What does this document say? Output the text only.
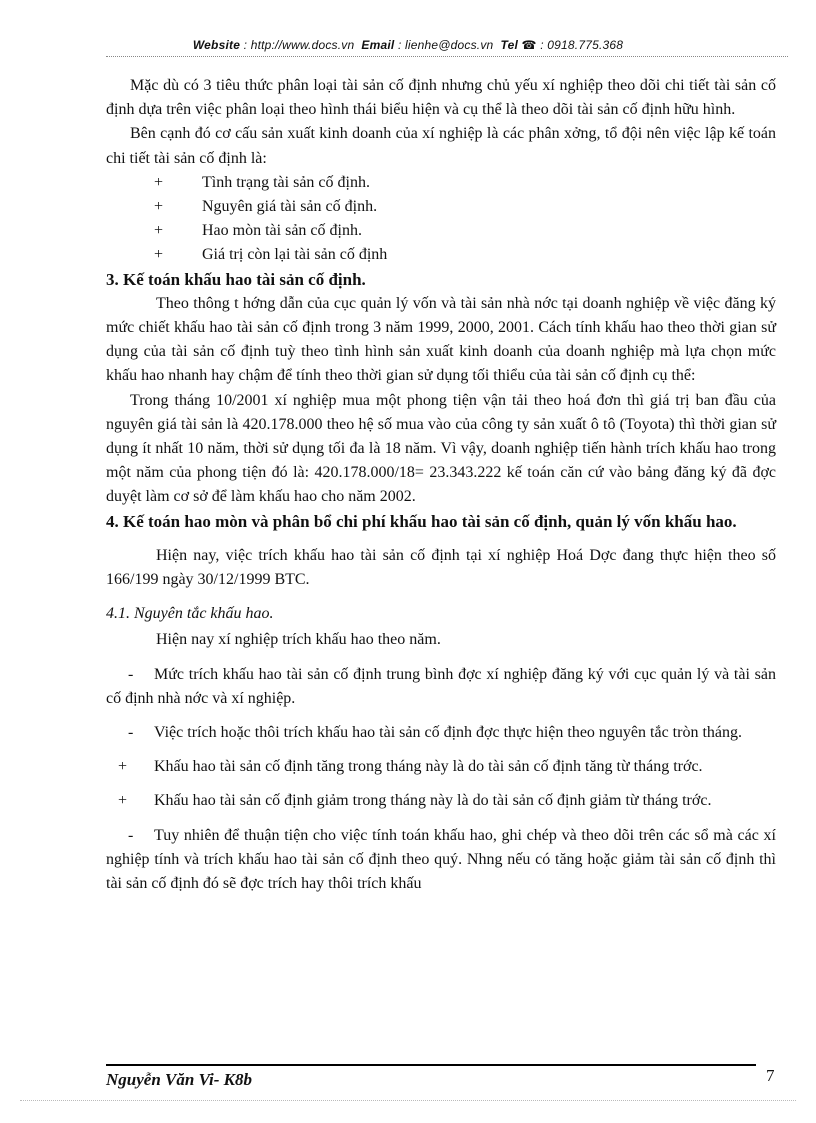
Website : http://www.docs.vn Email : lienhe@docs.vn Tel ☎ : 0918.775.368

Mặc dù có 3 tiêu thức phân loại tài sản cố định nhưng chủ yếu xí nghiệp theo dõi chi tiết tài sản cố định dựa trên việc phân loại theo hình thái biểu hiện và cụ thể là theo dõi tài sản cố định hữu hình.

Bên cạnh đó cơ cấu sản xuất kinh doanh của xí nghiệp là các phân xởng, tổ đội nên việc lập kế toán chi tiết tài sản cố định là:

+	Tình trạng tài sản cố định.
+	Nguyên giá tài sản cố định.
+	Hao mòn tài sản cố định.
+	Giá trị còn lại tài sản cố định

3. Kế toán khấu hao tài sản cố định.

Theo thông t hớng dẫn của cục quản lý vốn và tài sản nhà nớc tại doanh nghiệp về việc đăng ký mức chiết khấu hao tài sản cố định trong 3 năm 1999, 2000, 2001. Cách tính khấu hao theo thời gian sử dụng của tài sản cố định tuỳ theo tình hình sản xuất kinh doanh của doanh nghiệp mà lựa chọn mức khấu hao nhanh hay chậm để tính theo thời gian sử dụng tối thiểu của tài sản cố định cụ thể:

Trong tháng 10/2001 xí nghiệp mua một phong tiện vận tải theo hoá đơn thì giá trị ban đầu của nguyên giá tài sản là 420.178.000 theo hệ số mua vào của công ty sản xuất ô tô (Toyota) thì thời gian sử dụng ít nhất 10 năm, thời sử dụng tối đa là 18 năm. Vì vậy, doanh nghiệp tiến hành trích khấu hao trong một năm của phong tiện đó là: 420.178.000/18= 23.343.222 kế toán căn cứ vào bảng đăng ký đã đợc duyệt làm cơ sở để làm khấu hao cho năm 2002.

4. Kế toán hao mòn và phân bổ chi phí khấu hao tài sản cố định, quản lý vốn khấu hao.

Hiện nay, việc trích khấu hao tài sản cố định tại xí nghiệp Hoá Dợc đang thực hiện theo số 166/199 ngày 30/12/1999 BTC.

4.1. Nguyên tắc khấu hao.

Hiện nay xí nghiệp trích khấu hao theo năm.

- Mức trích khấu hao tài sản cố định trung bình đợc xí nghiệp đăng ký với cục quản lý và tài sản cố định nhà nớc và xí nghiệp.

- Việc trích hoặc thôi trích khấu hao tài sản cố định đợc thực hiện theo nguyên tắc tròn tháng.

+ Khấu hao tài sản cố định tăng trong tháng này là do tài sản cố định tăng từ tháng trớc.

+ Khấu hao tài sản cố định giảm trong tháng này là do tài sản cố định giảm từ tháng trớc.

- Tuy nhiên để thuận tiện cho việc tính toán khấu hao, ghi chép và theo dõi trên các sổ mà các xí nghiệp tính và trích khấu hao tài sản cố định theo quý. Nhng nếu có tăng hoặc giảm tài sản cố định thì tài sản cố định đó sẽ đợc trích hay thôi trích khấu

Nguyễn Văn Vi- K8b	7
